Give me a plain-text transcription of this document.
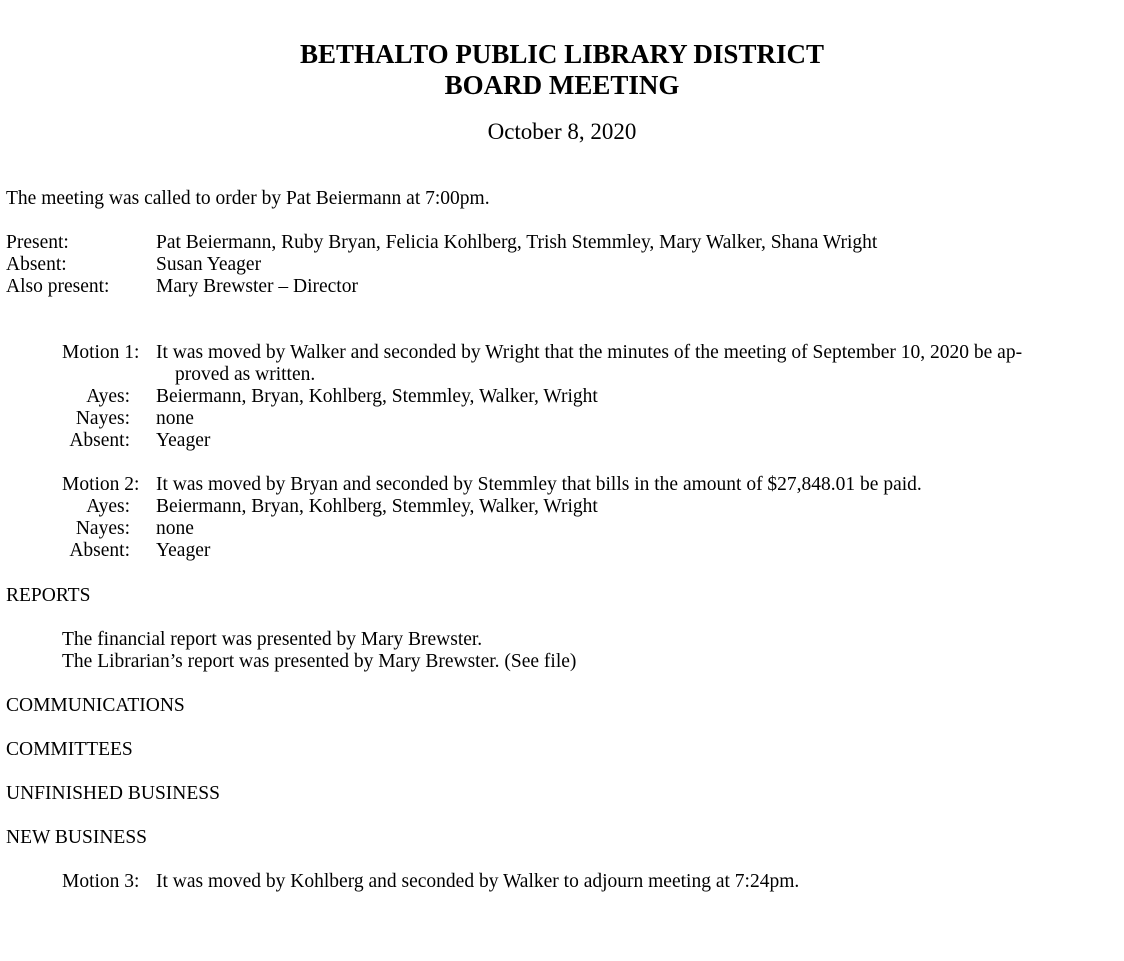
BETHALTO PUBLIC LIBRARY DISTRICT
BOARD MEETING
October 8, 2020
The meeting was called to order by Pat Beiermann at 7:00pm.
Present:	Pat Beiermann, Ruby Bryan, Felicia Kohlberg, Trish Stemmley, Mary Walker, Shana Wright
Absent:	Susan Yeager
Also present: Mary Brewster – Director
Motion 1: It was moved by Walker and seconded by Wright that the minutes of the meeting of September 10, 2020 be ap-
proved as written.
Ayes: Beiermann, Bryan, Kohlberg, Stemmley, Walker, Wright
Nayes: none
Absent: Yeager
Motion 2: It was moved by Bryan and seconded by Stemmley that bills in the amount of $27,848.01 be paid.
Ayes: Beiermann, Bryan, Kohlberg, Stemmley, Walker, Wright
Nayes: none
Absent: Yeager
REPORTS
The financial report was presented by Mary Brewster.
The Librarian’s report was presented by Mary Brewster. (See file)
COMMUNICATIONS
COMMITTEES
UNFINISHED BUSINESS
NEW BUSINESS
Motion 3: It was moved by Kohlberg and seconded by Walker to adjourn meeting at 7:24pm.
